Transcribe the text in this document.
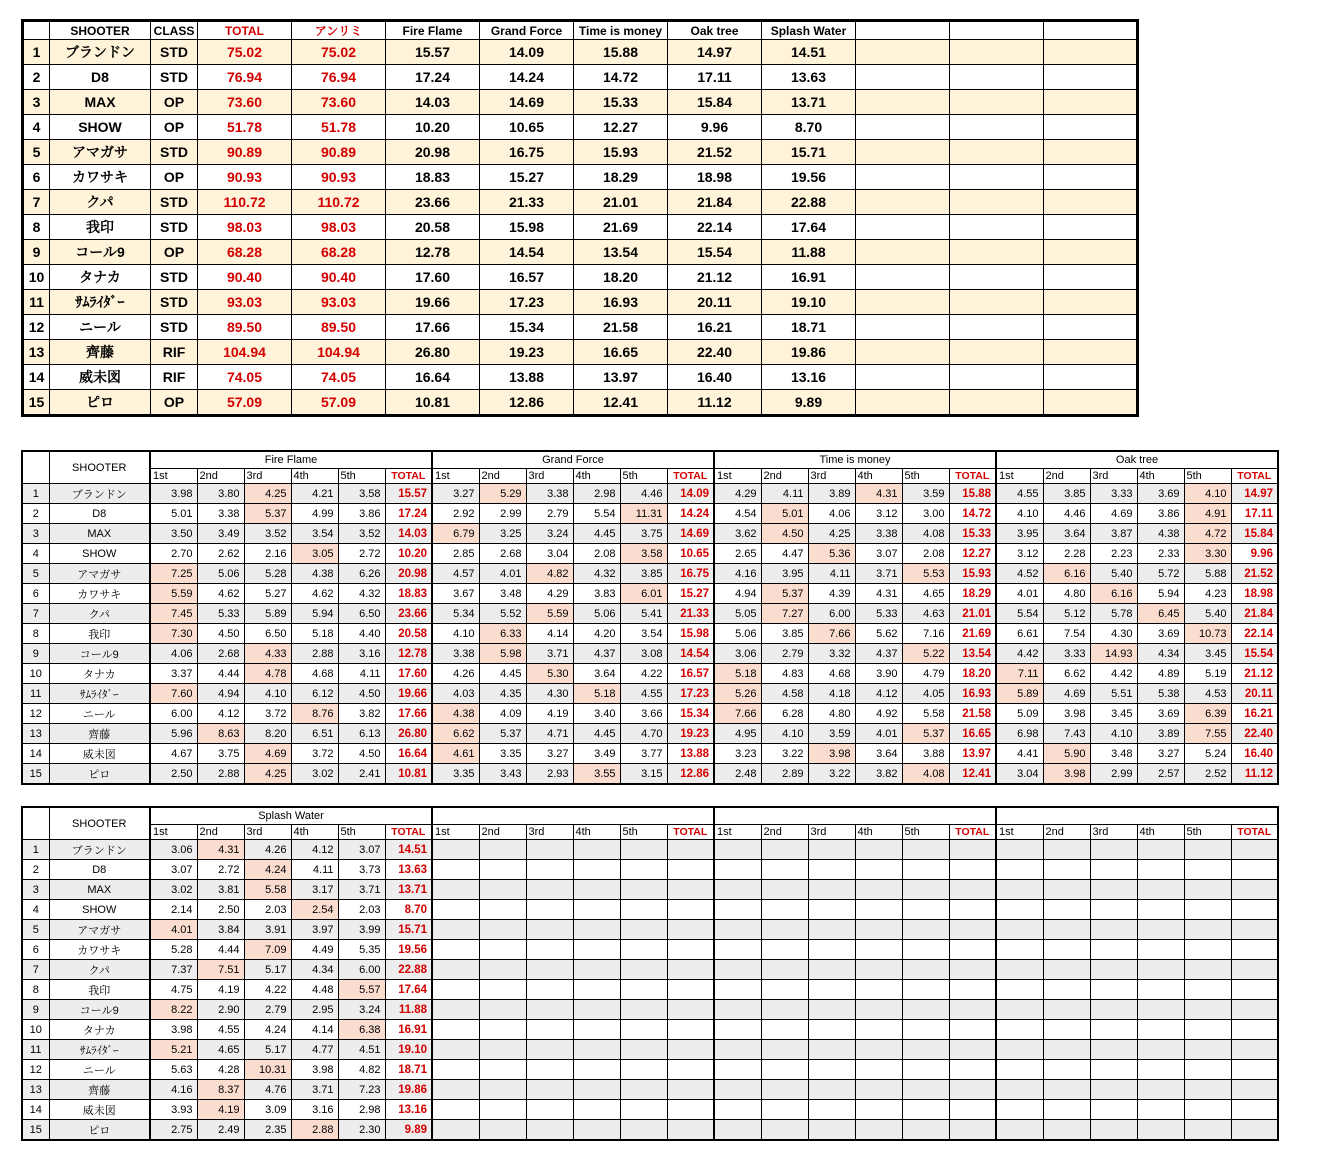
	SHOOTER	CLASS	TOTAL	アンリミ	Fire Flame	Grand Force	Time is money	Oak tree	Splash Water			
1	ブランドン	STD	75.02	75.02	15.57	14.09	15.88	14.97	14.51			
2	D8	STD	76.94	76.94	17.24	14.24	14.72	17.11	13.63			
3	MAX	OP	73.60	73.60	14.03	14.69	15.33	15.84	13.71			
4	SHOW	OP	51.78	51.78	10.20	10.65	12.27	9.96	8.70			
5	アマガサ	STD	90.89	90.89	20.98	16.75	15.93	21.52	15.71			
6	カワサキ	OP	90.93	90.93	18.83	15.27	18.29	18.98	19.56			
7	クパ	STD	110.72	110.72	23.66	21.33	21.01	21.84	22.88			
8	我印	STD	98.03	98.03	20.58	15.98	21.69	22.14	17.64			
9	コール9	OP	68.28	68.28	12.78	14.54	13.54	15.54	11.88			
10	タナカ	STD	90.40	90.40	17.60	16.57	18.20	21.12	16.91			
11	ｻﾑﾗｲﾀﾞｰ	STD	93.03	93.03	19.66	17.23	16.93	20.11	19.10			
12	ニール	STD	89.50	89.50	17.66	15.34	21.58	16.21	18.71			
13	齊藤	RIF	104.94	104.94	26.80	19.23	16.65	22.40	19.86			
14	威未図	RIF	74.05	74.05	16.64	13.88	13.97	16.40	13.16			
15	ピロ	OP	57.09	57.09	10.81	12.86	12.41	11.12	9.89			
	SHOOTER	Fire Flame						Grand Force						Time is money						Oak tree					
		1st	2nd	3rd	4th	5th	TOTAL	1st	2nd	3rd	4th	5th	TOTAL	1st	2nd	3rd	4th	5th	TOTAL	1st	2nd	3rd	4th	5th	TOTAL
1	ブランドン	3.98	3.80	4.25	4.21	3.58	15.57	3.27	5.29	3.38	2.98	4.46	14.09	4.29	4.11	3.89	4.31	3.59	15.88	4.55	3.85	3.33	3.69	4.10	14.97
2	D8	5.01	3.38	5.37	4.99	3.86	17.24	2.92	2.99	2.79	5.54	11.31	14.24	4.54	5.01	4.06	3.12	3.00	14.72	4.10	4.46	4.69	3.86	4.91	17.11
3	MAX	3.50	3.49	3.52	3.54	3.52	14.03	6.79	3.25	3.24	4.45	3.75	14.69	3.62	4.50	4.25	3.38	4.08	15.33	3.95	3.64	3.87	4.38	4.72	15.84
4	SHOW	2.70	2.62	2.16	3.05	2.72	10.20	2.85	2.68	3.04	2.08	3.58	10.65	2.65	4.47	5.36	3.07	2.08	12.27	3.12	2.28	2.23	2.33	3.30	9.96
5	アマガサ	7.25	5.06	5.28	4.38	6.26	20.98	4.57	4.01	4.82	4.32	3.85	16.75	4.16	3.95	4.11	3.71	5.53	15.93	4.52	6.16	5.40	5.72	5.88	21.52
6	カワサキ	5.59	4.62	5.27	4.62	4.32	18.83	3.67	3.48	4.29	3.83	6.01	15.27	4.94	5.37	4.39	4.31	4.65	18.29	4.01	4.80	6.16	5.94	4.23	18.98
7	クパ	7.45	5.33	5.89	5.94	6.50	23.66	5.34	5.52	5.59	5.06	5.41	21.33	5.05	7.27	6.00	5.33	4.63	21.01	5.54	5.12	5.78	6.45	5.40	21.84
8	我印	7.30	4.50	6.50	5.18	4.40	20.58	4.10	6.33	4.14	4.20	3.54	15.98	5.06	3.85	7.66	5.62	7.16	21.69	6.61	7.54	4.30	3.69	10.73	22.14
9	コール9	4.06	2.68	4.33	2.88	3.16	12.78	3.38	5.98	3.71	4.37	3.08	14.54	3.06	2.79	3.32	4.37	5.22	13.54	4.42	3.33	14.93	4.34	3.45	15.54
10	タナカ	3.37	4.44	4.78	4.68	4.11	17.60	4.26	4.45	5.30	3.64	4.22	16.57	5.18	4.83	4.68	3.90	4.79	18.20	7.11	6.62	4.42	4.89	5.19	21.12
11	ｻﾑﾗｲﾀﾞｰ	7.60	4.94	4.10	6.12	4.50	19.66	4.03	4.35	4.30	5.18	4.55	17.23	5.26	4.58	4.18	4.12	4.05	16.93	5.89	4.69	5.51	5.38	4.53	20.11
12	ニール	6.00	4.12	3.72	8.76	3.82	17.66	4.38	4.09	4.19	3.40	3.66	15.34	7.66	6.28	4.80	4.92	5.58	21.58	5.09	3.98	3.45	3.69	6.39	16.21
13	齊藤	5.96	8.63	8.20	6.51	6.13	26.80	6.62	5.37	4.71	4.45	4.70	19.23	4.95	4.10	3.59	4.01	5.37	16.65	6.98	7.43	4.10	3.89	7.55	22.40
14	威未図	4.67	3.75	4.69	3.72	4.50	16.64	4.61	3.35	3.27	3.49	3.77	13.88	3.23	3.22	3.98	3.64	3.88	13.97	4.41	5.90	3.48	3.27	5.24	16.40
15	ピロ	2.50	2.88	4.25	3.02	2.41	10.81	3.35	3.43	2.93	3.55	3.15	12.86	2.48	2.89	3.22	3.82	4.08	12.41	3.04	3.98	2.99	2.57	2.52	11.12
	SHOOTER	Splash Water																							
		1st	2nd	3rd	4th	5th	TOTAL	1st	2nd	3rd	4th	5th	TOTAL	1st	2nd	3rd	4th	5th	TOTAL	1st	2nd	3rd	4th	5th	TOTAL
1	ブランドン	3.06	4.31	4.26	4.12	3.07	14.51																		
2	D8	3.07	2.72	4.24	4.11	3.73	13.63																		
3	MAX	3.02	3.81	5.58	3.17	3.71	13.71																		
4	SHOW	2.14	2.50	2.03	2.54	2.03	8.70																		
5	アマガサ	4.01	3.84	3.91	3.97	3.99	15.71																		
6	カワサキ	5.28	4.44	7.09	4.49	5.35	19.56																		
7	クパ	7.37	7.51	5.17	4.34	6.00	22.88																		
8	我印	4.75	4.19	4.22	4.48	5.57	17.64																		
9	コール9	8.22	2.90	2.79	2.95	3.24	11.88																		
10	タナカ	3.98	4.55	4.24	4.14	6.38	16.91																		
11	ｻﾑﾗｲﾀﾞｰ	5.21	4.65	5.17	4.77	4.51	19.10																		
12	ニール	5.63	4.28	10.31	3.98	4.82	18.71																		
13	齊藤	4.16	8.37	4.76	3.71	7.23	19.86																		
14	威未図	3.93	4.19	3.09	3.16	2.98	13.16																		
15	ピロ	2.75	2.49	2.35	2.88	2.30	9.89																		
